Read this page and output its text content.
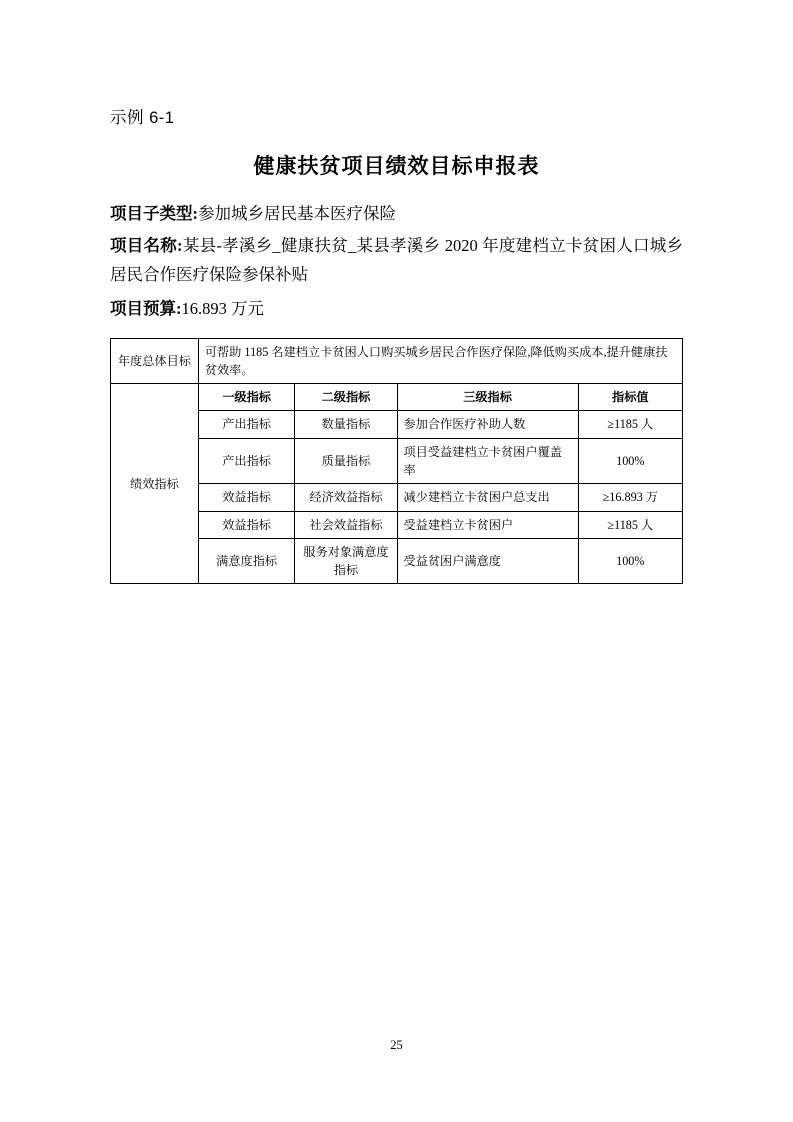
示例 6-1
健康扶贫项目绩效目标申报表
项目子类型:参加城乡居民基本医疗保险
项目名称:某县-孝溪乡_健康扶贫_某县孝溪乡 2020 年度建档立卡贫困人口城乡居民合作医疗保险参保补贴
项目预算:16.893 万元
年度总体目标	可帮助 1185 名建档立卡贫困人口购买城乡居民合作医疗保险,降低购买成本,提升健康扶贫效率。			
绩效指标	一级指标	二级指标	三级指标	指标值
	产出指标	数量指标	参加合作医疗补助人数	≥1185 人
	产出指标	质量指标	项目受益建档立卡贫困户覆盖率	100%
	效益指标	经济效益指标	减少建档立卡贫困户总支出	≥16.893 万
	效益指标	社会效益指标	受益建档立卡贫困户	≥1185 人
	满意度指标	服务对象满意度指标	受益贫困户满意度	100%
25
